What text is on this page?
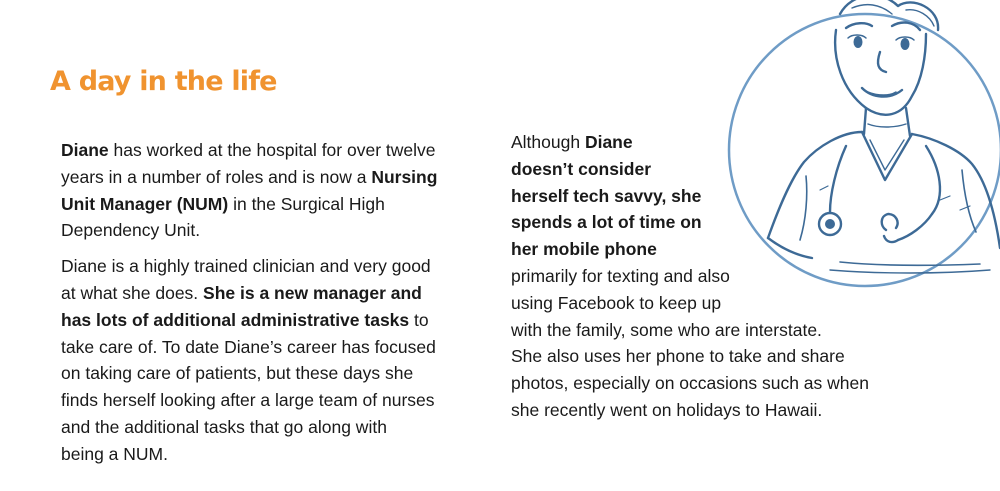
A day in the life

Diane has worked at the hospital for over twelve
years in a number of roles and is now a Nursing
Unit Manager (NUM) in the Surgical High
Dependency Unit.

Diane is a highly trained clinician and very good
at what she does. She is a new manager and
has lots of additional administrative tasks to
take care of. To date Diane’s career has focused
on taking care of patients, but these days she
finds herself looking after a large team of nurses
and the additional tasks that go along with
being a NUM.

Although Diane
doesn’t consider
herself tech savvy, she
spends a lot of time on
her mobile phone
primarily for texting and also
using Facebook to keep up
with the family, some who are interstate.
She also uses her phone to take and share
photos, especially on occasions such as when
she recently went on holidays to Hawaii.
